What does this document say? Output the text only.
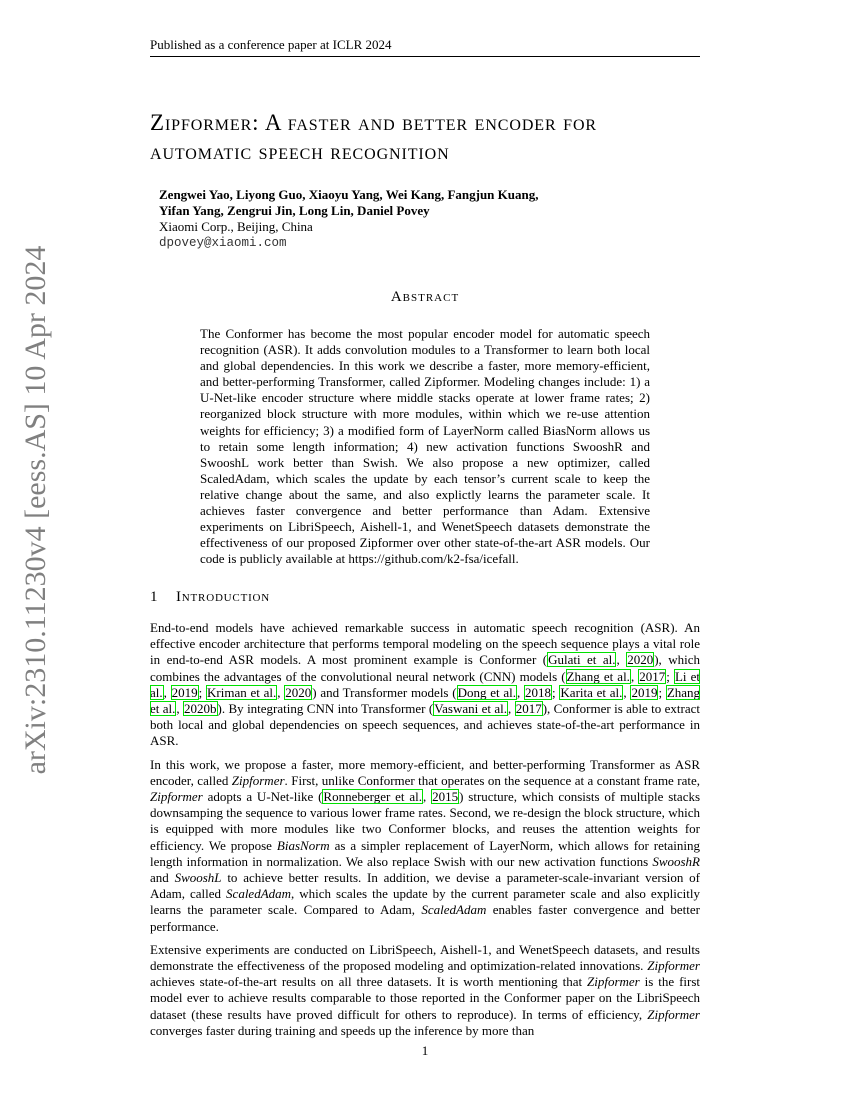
Published as a conference paper at ICLR 2024
arXiv:2310.11230v4 [eess.AS] 10 Apr 2024
Zipformer: A faster and better encoder for
automatic speech recognition
Zengwei Yao, Liyong Guo, Xiaoyu Yang, Wei Kang, Fangjun Kuang,
Yifan Yang, Zengrui Jin, Long Lin, Daniel Povey
Xiaomi Corp., Beijing, China
dpovey@xiaomi.com
Abstract
The Conformer has become the most popular encoder model for automatic speech recognition (ASR). It adds convolution modules to a Transformer to learn both local and global dependencies. In this work we describe a faster, more memory-efficient, and better-performing Transformer, called Zipformer. Modeling changes include: 1) a U-Net-like encoder structure where middle stacks operate at lower frame rates; 2) reorganized block structure with more modules, within which we re-use attention weights for efficiency; 3) a modified form of LayerNorm called BiasNorm allows us to retain some length information; 4) new activation functions SwooshR and SwooshL work better than Swish. We also propose a new optimizer, called ScaledAdam, which scales the update by each tensor’s current scale to keep the relative change about the same, and also explictly learns the parameter scale. It achieves faster convergence and better performance than Adam. Extensive experiments on LibriSpeech, Aishell-1, and WenetSpeech datasets demonstrate the effectiveness of our proposed Zipformer over other state-of-the-art ASR models. Our code is publicly available at https://github.com/k2-fsa/icefall.
1 Introduction

End-to-end models have achieved remarkable success in automatic speech recognition (ASR). An effective encoder architecture that performs temporal modeling on the speech sequence plays a vital role in end-to-end ASR models. A most prominent example is Conformer (Gulati et al., 2020), which combines the advantages of the convolutional neural network (CNN) models (Zhang et al., 2017; Li et al., 2019; Kriman et al., 2020) and Transformer models (Dong et al., 2018; Karita et al., 2019; Zhang et al., 2020b). By integrating CNN into Transformer (Vaswani et al., 2017), Conformer is able to extract both local and global dependencies on speech sequences, and achieves state-of-the-art performance in ASR.

In this work, we propose a faster, more memory-efficient, and better-performing Transformer as ASR encoder, called Zipformer. First, unlike Conformer that operates on the sequence at a constant frame rate, Zipformer adopts a U-Net-like (Ronneberger et al., 2015) structure, which consists of multiple stacks downsamping the sequence to various lower frame rates. Second, we re-design the block structure, which is equipped with more modules like two Conformer blocks, and reuses the attention weights for efficiency. We propose BiasNorm as a simpler replacement of LayerNorm, which allows for retaining length information in normalization. We also replace Swish with our new activation functions SwooshR and SwooshL to achieve better results. In addition, we devise a parameter-scale-invariant version of Adam, called ScaledAdam, which scales the update by the current parameter scale and also explicitly learns the parameter scale. Compared to Adam, ScaledAdam enables faster convergence and better performance.

Extensive experiments are conducted on LibriSpeech, Aishell-1, and WenetSpeech datasets, and results demonstrate the effectiveness of the proposed modeling and optimization-related innovations. Zipformer achieves state-of-the-art results on all three datasets. It is worth mentioning that Zipformer is the first model ever to achieve results comparable to those reported in the Conformer paper on the LibriSpeech dataset (these results have proved difficult for others to reproduce). In terms of efficiency, Zipformer converges faster during training and speeds up the inference by more than

1
